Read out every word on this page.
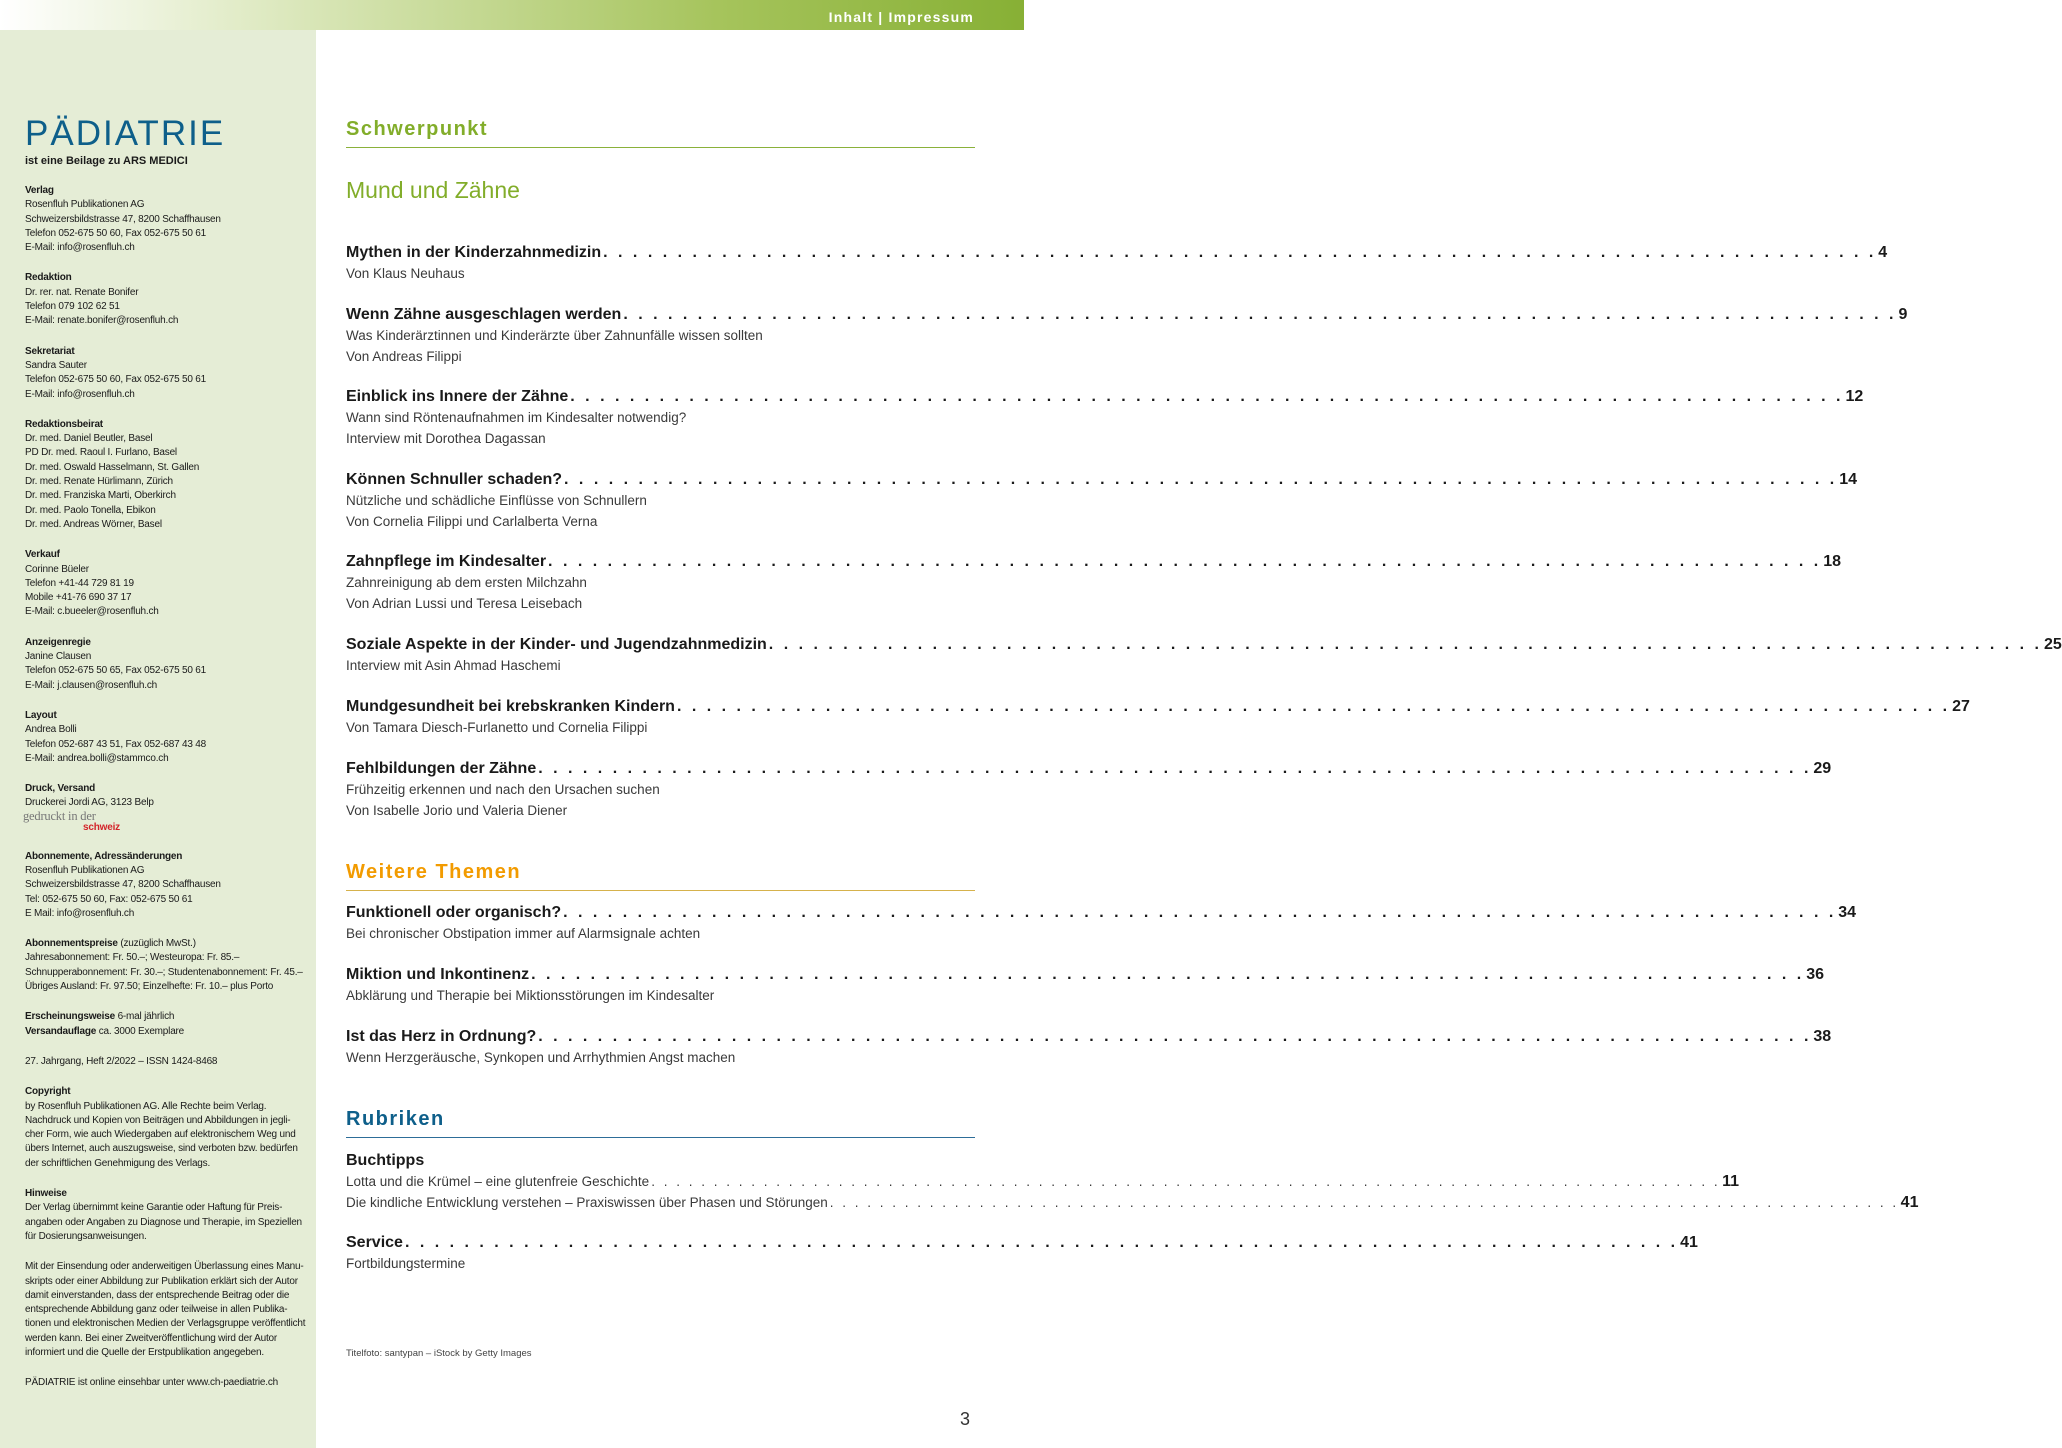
Inhalt | Impressum
PÄDIATRIE
ist eine Beilage zu ARS MEDICI
Verlag
Rosenfluh Publikationen AG
Schweizersbildstrasse 47, 8200 Schaffhausen
Telefon 052-675 50 60, Fax 052-675 50 61
E-Mail: info@rosenfluh.ch
Redaktion
Dr. rer. nat. Renate Bonifer
Telefon 079 102 62 51
E-Mail: renate.bonifer@rosenfluh.ch
Sekretariat
Sandra Sauter
Telefon 052-675 50 60, Fax 052-675 50 61
E-Mail: info@rosenfluh.ch
Redaktionsbeirat
Dr. med. Daniel Beutler, Basel
PD Dr. med. Raoul I. Furlano, Basel
Dr. med. Oswald Hasselmann, St. Gallen
Dr. med. Renate Hürlimann, Zürich
Dr. med. Franziska Marti, Oberkirch
Dr. med. Paolo Tonella, Ebikon
Dr. med. Andreas Wörner, Basel
Verkauf
Corinne Büeler
Telefon +41-44 729 81 19
Mobile +41-76 690 37 17
E-Mail: c.bueeler@rosenfluh.ch
Anzeigenregie
Janine Clausen
Telefon 052-675 50 65, Fax 052-675 50 61
E-Mail: j.clausen@rosenfluh.ch
Layout
Andrea Bolli
Telefon 052-687 43 51, Fax 052-687 43 48
E-Mail: andrea.bolli@stammco.ch
Druck, Versand
Druckerei Jordi AG, 3123 Belp
gedruckt in der
schweiz
Abonnemente, Adressänderungen
Rosenfluh Publikationen AG
Schweizersbildstrasse 47, 8200 Schaffhausen
Tel: 052-675 50 60, Fax: 052-675 50 61
E Mail: info@rosenfluh.ch
Abonnementspreise (zuzüglich MwSt.)
Jahresabonnement: Fr. 50.–; Westeuropa: Fr. 85.–
Schnupperabonnement: Fr. 30.–; Studentenabonnement: Fr. 45.–
Übriges Ausland: Fr. 97.50; Einzelhefte: Fr. 10.– plus Porto
Erscheinungsweise 6-mal jährlich
Versandauflage ca. 3000 Exemplare
27. Jahrgang, Heft 2/2022 – ISSN 1424-8468
Copyright
by Rosenfluh Publikationen AG. Alle Rechte beim Verlag.
Nachdruck und Kopien von Beiträgen und Abbildungen in jegli-
cher Form, wie auch Wiedergaben auf elektronischem Weg und
übers Internet, auch auszugsweise, sind verboten bzw. bedürfen
der schriftlichen Genehmigung des Verlags.
Hinweise
Der Verlag übernimmt keine Garantie oder Haftung für Preis-
angaben oder Angaben zu Diagnose und Therapie, im Speziellen
für Dosierungsanweisungen.
Mit der Einsendung oder anderweitigen Überlassung eines Manu-
skripts oder einer Abbildung zur Publikation erklärt sich der Autor
damit einverstanden, dass der entsprechende Beitrag oder die
entsprechende Abbildung ganz oder teilweise in allen Publika-
tionen und elektronischen Medien der Verlagsgruppe veröffentlicht
werden kann. Bei einer Zweitveröffentlichung wird der Autor
informiert und die Quelle der Erstpublikation angegeben.
PÄDIATRIE ist online einsehbar unter www.ch-paediatrie.ch
Schwerpunkt
Mund und Zähne
Mythen in der Kinderzahnmedizin . . . . . . . . . . . . . . . . . . . . . . . . . . . . . . . . . . . . . . . . . . . . . . . . . . . . . . . . . . . . . . . . . . . . . . . . . . . . . . . . . . . . . . 4
Von Klaus Neuhaus
Wenn Zähne ausgeschlagen werden . . . . . . . . . . . . . . . . . . . . . . . . . . . . . . . . . . . . . . . . . . . . . . . . . . . . . . . . . . . . . . . . . . . . . . . . . . . . . . . . . . . . . . 9
Was Kinderärztinnen und Kinderärzte über Zahnunfälle wissen sollten
Von Andreas Filippi
Einblick ins Innere der Zähne . . . . . . . . . . . . . . . . . . . . . . . . . . . . . . . . . . . . . . . . . . . . . . . . . . . . . . . . . . . . . . . . . . . . . . . . . . . . . . . . . . . . . . 12
Wann sind Röntenaufnahmen im Kindesalter notwendig?
Interview mit Dorothea Dagassan
Können Schnuller schaden? . . . . . . . . . . . . . . . . . . . . . . . . . . . . . . . . . . . . . . . . . . . . . . . . . . . . . . . . . . . . . . . . . . . . . . . . . . . . . . . . . . . . . . 14
Nützliche und schädliche Einflüsse von Schnullern
Von Cornelia Filippi und Carlalberta Verna
Zahnpflege im Kindesalter . . . . . . . . . . . . . . . . . . . . . . . . . . . . . . . . . . . . . . . . . . . . . . . . . . . . . . . . . . . . . . . . . . . . . . . . . . . . . . . . . . . . . . 18
Zahnreinigung ab dem ersten Milchzahn
Von Adrian Lussi und Teresa Leisebach
Soziale Aspekte in der Kinder- und Jugendzahnmedizin . . . . . . . . . . . . . . . . . . . . . . . . . . . . . . . . . . . . . . . . . . . . . . . . . . . . . . . . . . . . . . . . . . . . . . . . . . . . . . . . . . . . . . 25
Interview mit Asin Ahmad Haschemi
Mundgesundheit bei krebskranken Kindern . . . . . . . . . . . . . . . . . . . . . . . . . . . . . . . . . . . . . . . . . . . . . . . . . . . . . . . . . . . . . . . . . . . . . . . . . . . . . . . . . . . . . . 27
Von Tamara Diesch-Furlanetto und Cornelia Filippi
Fehlbildungen der Zähne . . . . . . . . . . . . . . . . . . . . . . . . . . . . . . . . . . . . . . . . . . . . . . . . . . . . . . . . . . . . . . . . . . . . . . . . . . . . . . . . . . . . . . 29
Frühzeitig erkennen und nach den Ursachen suchen
Von Isabelle Jorio und Valeria Diener
Weitere Themen
Funktionell oder organisch? . . . . . . . . . . . . . . . . . . . . . . . . . . . . . . . . . . . . . . . . . . . . . . . . . . . . . . . . . . . . . . . . . . . . . . . . . . . . . . . . . . . . . . 34
Bei chronischer Obstipation immer auf Alarmsignale achten
Miktion und Inkontinenz . . . . . . . . . . . . . . . . . . . . . . . . . . . . . . . . . . . . . . . . . . . . . . . . . . . . . . . . . . . . . . . . . . . . . . . . . . . . . . . . . . . . . . 36
Abklärung und Therapie bei Miktionsstörungen im Kindesalter
Ist das Herz in Ordnung? . . . . . . . . . . . . . . . . . . . . . . . . . . . . . . . . . . . . . . . . . . . . . . . . . . . . . . . . . . . . . . . . . . . . . . . . . . . . . . . . . . . . . . 38
Wenn Herzgeräusche, Synkopen und Arrhythmien Angst machen
Rubriken
Buchtipps
Lotta und die Krümel – eine glutenfreie Geschichte . . . . . . . . . . . . . . . . . . . . . . . . . . . . . . . . . . . . . . . . . . . . . . . . . . . . . . . . . . . . . . . . . . . . . . . . . . . . . . . . . . . . . . 11
Die kindliche Entwicklung verstehen – Praxiswissen über Phasen und Störungen . . . . . . . . . . . . . . . . . . . . . . . . . . . . . . . . . . . . . . . . . . . . . . . . . . . . . . . . . . . . . . . . . . . . . . . . . . . . . . . . . . . . . . 41
Service . . . . . . . . . . . . . . . . . . . . . . . . . . . . . . . . . . . . . . . . . . . . . . . . . . . . . . . . . . . . . . . . . . . . . . . . . . . . . . . . . . . . . . 41
Fortbildungstermine
Titelfoto: santypan – iStock by Getty Images
3
